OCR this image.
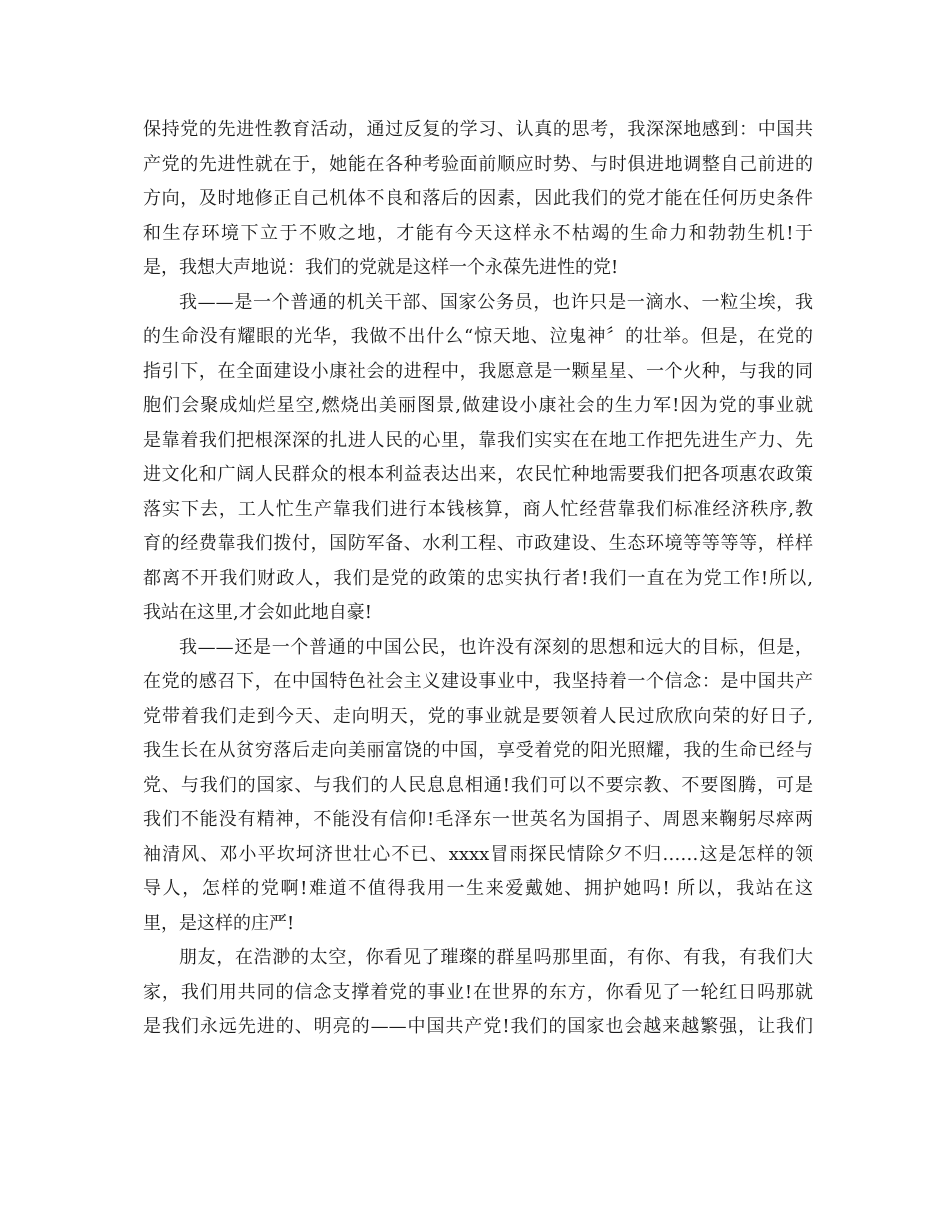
保持党的先进性教育活动，通过反复的学习、认真的思考，我深深地感到：中国共
产党的先进性就在于，她能在各种考验面前顺应时势、与时俱进地调整自己前进的
方向，及时地修正自己机体不良和落后的因素，因此我们的党才能在任何历史条件
和生存环境下立于不败之地，才能有今天这样永不枯竭的生命力和勃勃生机!于
是，我想大声地说：我们的党就是这样一个永葆先进性的党!
我——是一个普通的机关干部、国家公务员，也许只是一滴水、一粒尘埃，我
的生命没有耀眼的光华，我做不出什么“惊天地、泣鬼神〞的壮举。但是，在党的
指引下，在全面建设小康社会的进程中，我愿意是一颗星星、一个火种，与我的同
胞们会聚成灿烂星空,燃烧出美丽图景,做建设小康社会的生力军!因为党的事业就
是靠着我们把根深深的扎进人民的心里，靠我们实实在在地工作把先进生产力、先
进文化和广阔人民群众的根本利益表达出来，农民忙种地需要我们把各项惠农政策
落实下去，工人忙生产靠我们进行本钱核算，商人忙经营靠我们标准经济秩序,教
育的经费靠我们拨付，国防军备、水利工程、市政建设、生态环境等等等等，样样
都离不开我们财政人，我们是党的政策的忠实执行者!我们一直在为党工作!所以,
我站在这里,才会如此地自豪!
我——还是一个普通的中国公民，也许没有深刻的思想和远大的目标，但是，
在党的感召下，在中国特色社会主义建设事业中，我坚持着一个信念：是中国共产
党带着我们走到今天、走向明天，党的事业就是要领着人民过欣欣向荣的好日子,
我生长在从贫穷落后走向美丽富饶的中国，享受着党的阳光照耀，我的生命已经与
党、与我们的国家、与我们的人民息息相通!我们可以不要宗教、不要图腾，可是
我们不能没有精神，不能没有信仰!毛泽东一世英名为国捐子、周恩来鞠躬尽瘁两
袖清风、邓小平坎坷济世壮心不已、xxxx冒雨探民情除夕不归……这是怎样的领
导人，怎样的党啊!难道不值得我用一生来爱戴她、拥护她吗! 所以，我站在这
里，是这样的庄严!
朋友，在浩渺的太空，你看见了璀璨的群星吗那里面，有你、有我，有我们大
家，我们用共同的信念支撑着党的事业!在世界的东方，你看见了一轮红日吗那就
是我们永远先进的、明亮的——中国共产党!我们的国家也会越来越繁强，让我们
